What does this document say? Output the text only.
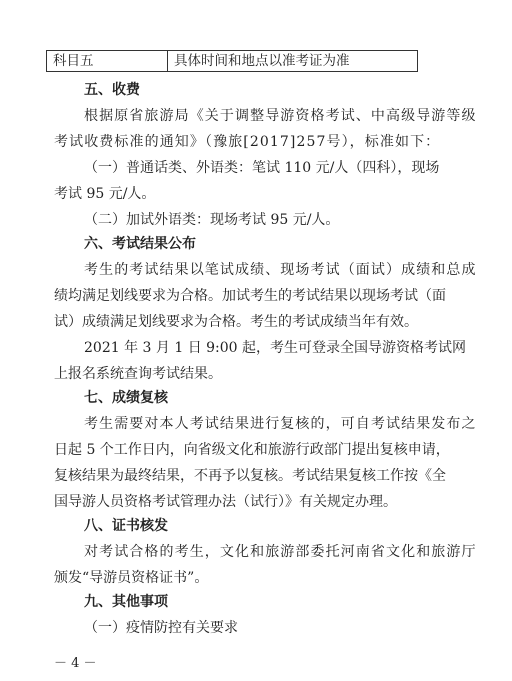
科目五	具体时间和地点以准考证为准
五、收费
根据原省旅游局《关于调整导游资格考试、中高级导游等级
考试收费标准的通知》（豫旅[2017]257号），标准如下：
（一）普通话类、外语类：笔试 110 元/人（四科），现场
考试 95 元/人。
（二）加试外语类：现场考试 95 元/人。
六、考试结果公布
考生的考试结果以笔试成绩、现场考试（面试）成绩和总成
绩均满足划线要求为合格。加试考生的考试结果以现场考试（面
试）成绩满足划线要求为合格。考生的考试成绩当年有效。
2021 年 3 月 1 日 9:00 起，考生可登录全国导游资格考试网
上报名系统查询考试结果。
七、成绩复核
考生需要对本人考试结果进行复核的，可自考试结果发布之
日起 5 个工作日内，向省级文化和旅游行政部门提出复核申请，
复核结果为最终结果，不再予以复核。考试结果复核工作按《全
国导游人员资格考试管理办法（试行）》有关规定办理。
八、证书核发
对考试合格的考生，文化和旅游部委托河南省文化和旅游厅
颁发“导游员资格证书”。
九、其他事项
（一）疫情防控有关要求
－ 4 －
